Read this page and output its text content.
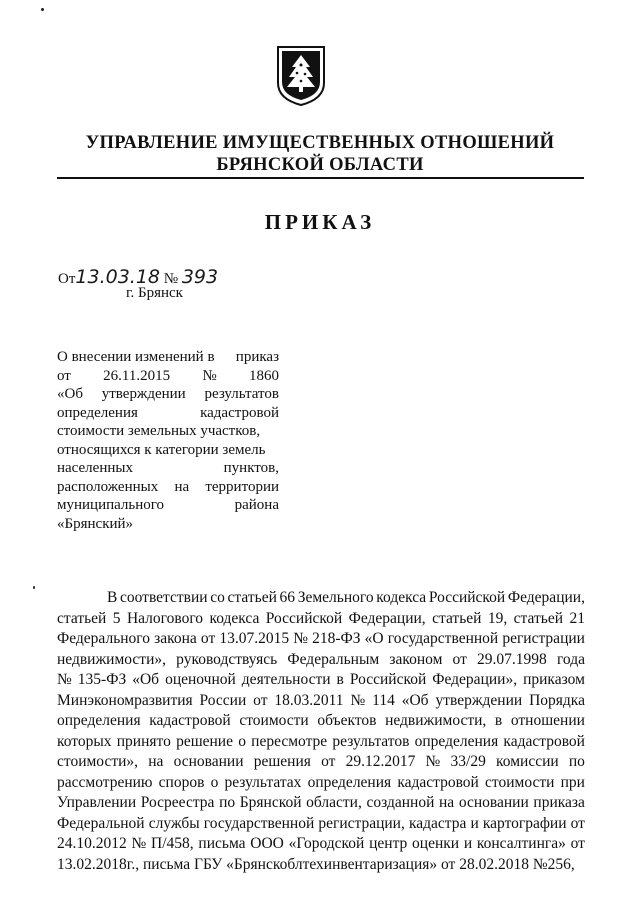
УПРАВЛЕНИЕ ИМУЩЕСТВЕННЫХ ОТНОШЕНИЙ
БРЯНСКОЙ ОБЛАСТИ
ПРИКАЗ
От13.03.18 № 393
г. Брянск
О внесении изменений в приказ
от 26.11.2015 № 1860
«Об утверждении результатов
определения	кадастровой
стоимости земельных участков,
относящихся к категории земель
населенных	пунктов,
расположенных на территории
муниципального	района
«Брянский»
В соответствии со статьей 66 Земельного кодекса Российской Федерации,
статьей 5 Налогового кодекса Российской Федерации, статьей 19, статьей 21
Федерального закона от 13.07.2015 № 218-ФЗ «О государственной регистрации
недвижимости», руководствуясь Федеральным законом от 29.07.1998 года
№ 135-ФЗ «Об оценочной деятельности в Российской Федерации», приказом
Минэкономразвития России от 18.03.2011 № 114 «Об утверждении Порядка
определения кадастровой стоимости объектов недвижимости, в отношении
которых принято решение о пересмотре результатов определения кадастровой
стоимости», на основании решения от 29.12.2017 № 33/29 комиссии по
рассмотрению споров о результатах определения кадастровой стоимости при
Управлении Росреестра по Брянской области, созданной на основании приказа
Федеральной службы государственной регистрации, кадастра и картографии от
24.10.2012 № П/458, письма ООО «Городской центр оценки и консалтинга» от
13.02.2018г., письма ГБУ «Брянскоблтехинвентаризация» от 28.02.2018 №256,
